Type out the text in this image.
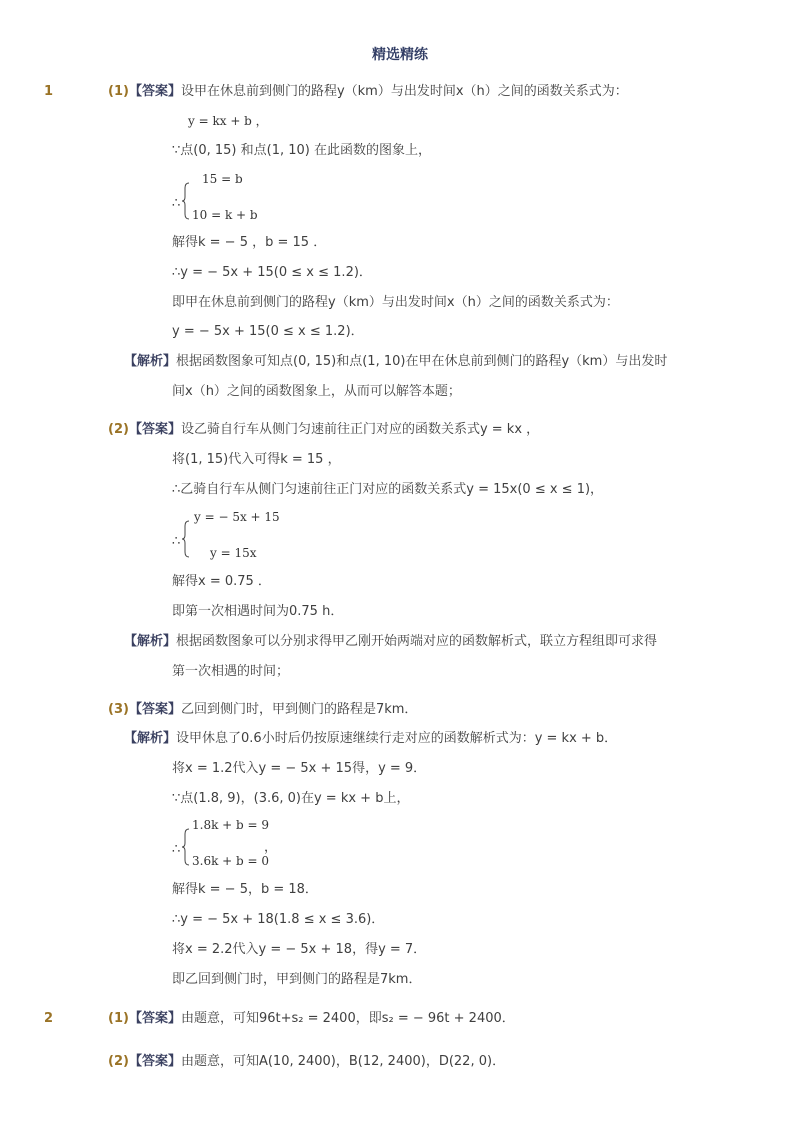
精选精练
1	(1)【答案】设甲在休息前到侧门的路程y（km）与出发时间x（h）之间的函数关系式为：
y = kx + b ，
∵点(0, 15) 和点(1, 10) 在此函数的图象上，
∴
15 = b
10 = k + b
解得k = − 5 ，b = 15 ．
∴y = − 5x + 15(0 ≤ x ≤ 1.2)．
即甲在休息前到侧门的路程y（km）与出发时间x（h）之间的函数关系式为：
y = − 5x + 15(0 ≤ x ≤ 1.2)．
【解析】根据函数图象可知点(0, 15)和点(1, 10)在甲在休息前到侧门的路程y（km）与出发时
间x（h）之间的函数图象上，从而可以解答本题；
(2)【答案】设乙骑自行车从侧门匀速前往正门对应的函数关系式y = kx ，
将(1, 15)代入可得k = 15 ，
∴乙骑自行车从侧门匀速前往正门对应的函数关系式y = 15x(0 ≤ x ≤ 1)，
∴
y = − 5x + 15
y = 15x
解得x = 0.75 ．
即第一次相遇时间为0.75 h．
【解析】根据函数图象可以分别求得甲乙刚开始两端对应的函数解析式，联立方程组即可求得
第一次相遇的时间；
(3)【答案】乙回到侧门时，甲到侧门的路程是7km．
【解析】设甲休息了0.6小时后仍按原速继续行走对应的函数解析式为：y = kx + b．
将x = 1.2代入y = − 5x + 15得，y = 9．
∵点(1.8, 9)，(3.6, 0)在y = kx + b上，
∴
1.8k + b = 9
3.6k + b = 0
，
解得k = − 5，b = 18．
∴y = − 5x + 18(1.8 ≤ x ≤ 3.6)．
将x = 2.2代入y = − 5x + 18，得y = 7．
即乙回到侧门时，甲到侧门的路程是7km．
2	(1)【答案】由题意，可知96t+s₂ = 2400，即s₂ = − 96t + 2400．
(2)【答案】由题意，可知A(10, 2400)，B(12, 2400)，D(22, 0)．
